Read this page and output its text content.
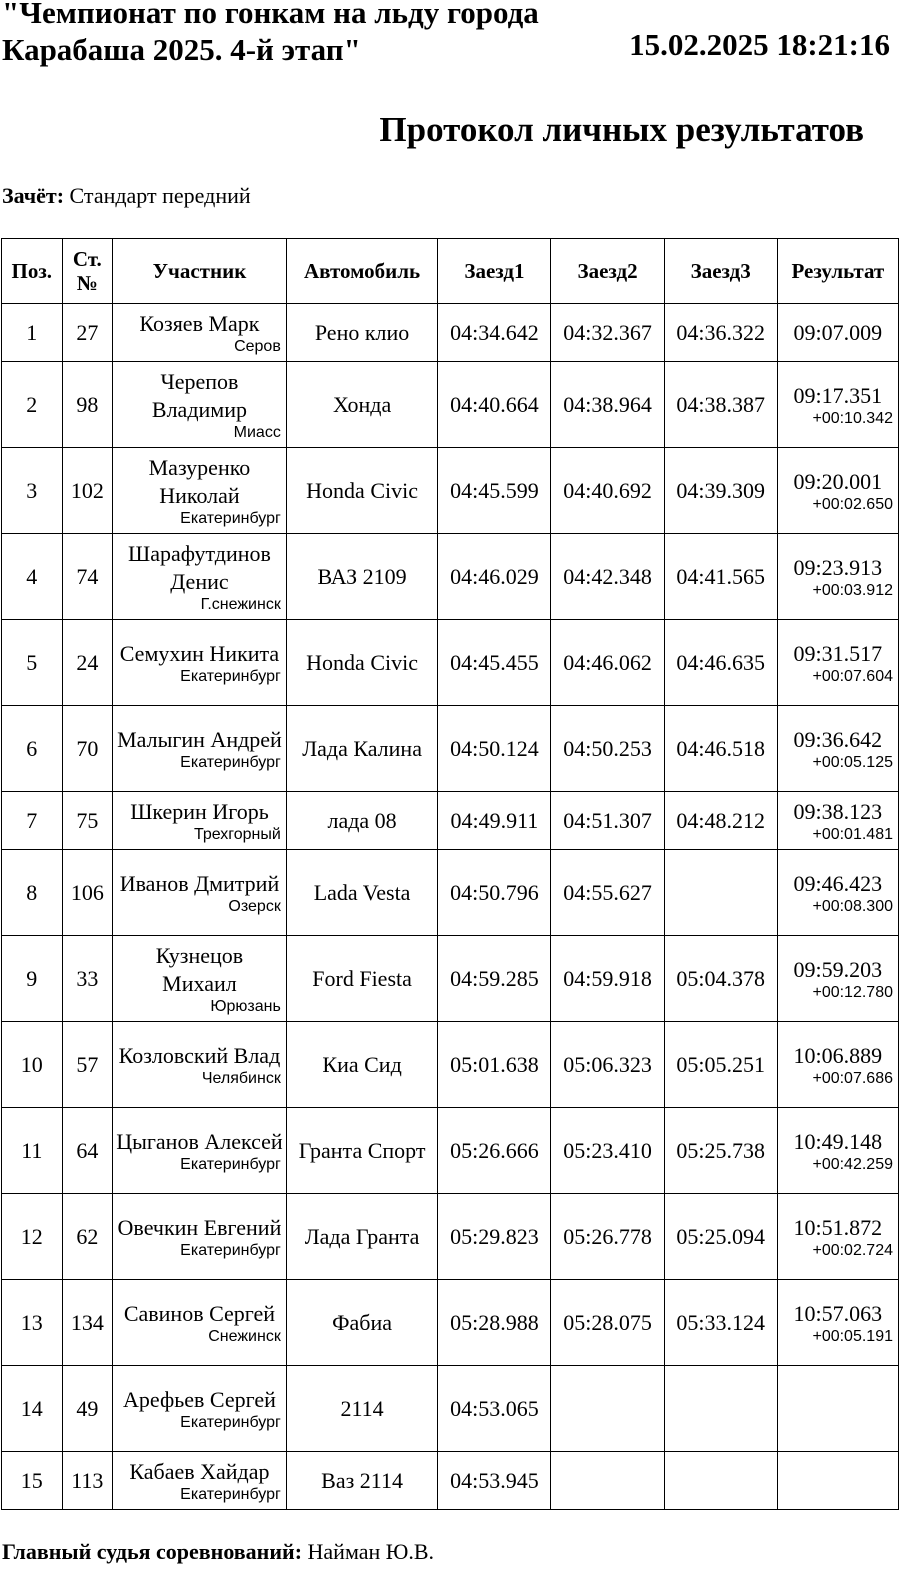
"Чемпионат по гонкам на льду города Карабаша 2025. 4-й этап"	15.02.2025 18:21:16
Протокол личных результатов
Зачёт: Стандарт передний
Поз.	Ст. №	Участник	Автомобиль	Заезд1	Заезд2	Заезд3	Результат
1	27	Козяев Марк
Серов	Рено клио	04:34.642	04:32.367	04:36.322	09:07.009

2	98	Черепов Владимир
Миасс	Хонда	04:40.664	04:38.964	04:38.387	09:17.351
+00:10.342

3	102	Мазуренко Николай
Екатеринбург	Honda Civic	04:45.599	04:40.692	04:39.309	09:20.001
+00:02.650

4	74	Шарафутдинов Денис
Г.снежинск	ВАЗ 2109	04:46.029	04:42.348	04:41.565	09:23.913
+00:03.912

5	24	Семухин Никита
Екатеринбург	Honda Civic	04:45.455	04:46.062	04:46.635	09:31.517
+00:07.604

6	70	Малыгин Андрей
Екатеринбург	Лада Калина	04:50.124	04:50.253	04:46.518	09:36.642
+00:05.125

7	75	Шкерин Игорь
Трехгорный	лада 08	04:49.911	04:51.307	04:48.212	09:38.123
+00:01.481

8	106	Иванов Дмитрий
Озерск	Lada Vesta	04:50.796	04:55.627		09:46.423
+00:08.300

9	33	Кузнецов Михаил
Юрюзань	Ford Fiesta	04:59.285	04:59.918	05:04.378	09:59.203
+00:12.780

10	57	Козловский Влад
Челябинск	Киа Сид	05:01.638	05:06.323	05:05.251	10:06.889
+00:07.686

11	64	Цыганов Алексей
Екатеринбург	Гранта Спорт	05:26.666	05:23.410	05:25.738	10:49.148
+00:42.259

12	62	Овечкин Евгений
Екатеринбург	Лада Гранта	05:29.823	05:26.778	05:25.094	10:51.872
+00:02.724

13	134	Савинов Сергей
Снежинск	Фабиа	05:28.988	05:28.075	05:33.124	10:57.063
+00:05.191

14	49	Арефьев Сергей
Екатеринбург	2114	04:53.065			

15	113	Кабаев Хайдар
Екатеринбург	Ваз 2114	04:53.945			
Главный судья соревнований: Найман Ю.В.
